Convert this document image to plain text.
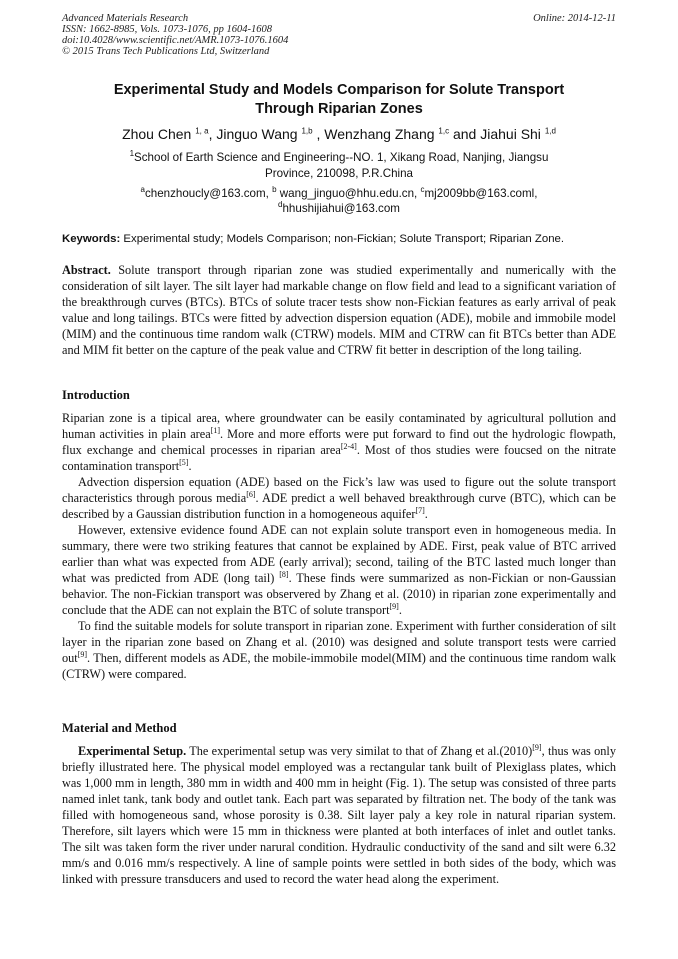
Advanced Materials Research
ISSN: 1662-8985, Vols. 1073-1076, pp 1604-1608
doi:10.4028/www.scientific.net/AMR.1073-1076.1604
© 2015 Trans Tech Publications Ltd, Switzerland
Online: 2014-12-11
Experimental Study and Models Comparison for Solute Transport
Through Riparian Zones
Zhou Chen $^{1, a}$, Jinguo Wang $^{1,b}$ , Wenzhang Zhang $^{1,c}$ and Jiahui Shi $^{1,d}$
$^1$School of Earth Science and Engineering--NO. 1, Xikang Road, Nanjing, Jiangsu
Province, 210098, P.R.China
$^a$chenzhoucly@163.com, $^b$ wang_jinguo@hhu.edu.cn, $^c$mj2009bb@163.coml,
$^d$hhushijiahui@163.com
Keywords: Experimental study; Models Comparison; non-Fickian; Solute Transport; Riparian Zone.

Abstract. Solute transport through riparian zone was studied experimentally and numerically with the consideration of silt layer. The silt layer had markable change on flow field and lead to a significant variation of the breakthrough curves (BTCs). BTCs of solute tracer tests show non-Fickian features as early arrival of peak value and long tailings. BTCs were fitted by advection dispersion equation (ADE), mobile and immobile model (MIM) and the continuous time random walk (CTRW) models. MIM and CTRW can fit BTCs better than ADE and MIM fit better on the capture of the peak value and CTRW fit better in description of the long tailing.

Introduction

Riparian zone is a tipical area, where groundwater can be easily contaminated by agricultural pollution and human activities in plain area[1]. More and more efforts were put forward to find out the hydrologic flowpath, flux exchange and chemical processes in riparian area[2-4]. Most of thos studies were foucsed on the nitrate contamination transport[5].

Advection dispersion equation (ADE) based on the Fick’s law was used to figure out the solute transport characteristics through porous media[6]. ADE predict a well behaved breakthrough curve (BTC), which can be described by a Gaussian distribution function in a homogeneous aquifer[7].

However, extensive evidence found ADE can not explain solute transport even in homogeneous media. In summary, there were two striking features that cannot be explained by ADE. First, peak value of BTC arrived earlier than what was expected from ADE (early arrival); second, tailing of the BTC lasted much longer than what was predicted from ADE (long tail) [8]. These finds were summarized as non-Fickian or non-Gaussian behavior. The non-Fickian transport was observered by Zhang et al. (2010) in riparian zone experimentally and conclude that the ADE can not explain the BTC of solute transport[9].

To find the suitable models for solute transport in riparian zone. Experiment with further consideration of silt layer in the riparian zone based on Zhang et al. (2010) was designed and solute transport tests were carried out[9]. Then, different models as ADE, the mobile-immobile model(MIM) and the continuous time random walk (CTRW) were compared.

Material and Method

Experimental Setup. The experimental setup was very similat to that of Zhang et al.(2010)[9], thus was only briefly illustrated here. The physical model employed was a rectangular tank built of Plexiglass plates, which was 1,000 mm in length, 380 mm in width and 400 mm in height (Fig. 1). The setup was consisted of three parts named inlet tank, tank body and outlet tank. Each part was separated by filtration net. The body of the tank was filled with homogeneous sand, whose porosity is 0.38. Silt layer paly a key role in natural riparian system. Therefore, silt layers which were 15 mm in thickness were planted at both interfaces of inlet and outlet tanks. The silt was taken form the river under narural condition. Hydraulic conductivity of the sand and silt were 6.32 mm/s and 0.016 mm/s respectively. A line of sample points were settled in both sides of the body, which was linked with pressure transducers and used to record the water head along the experiment.
